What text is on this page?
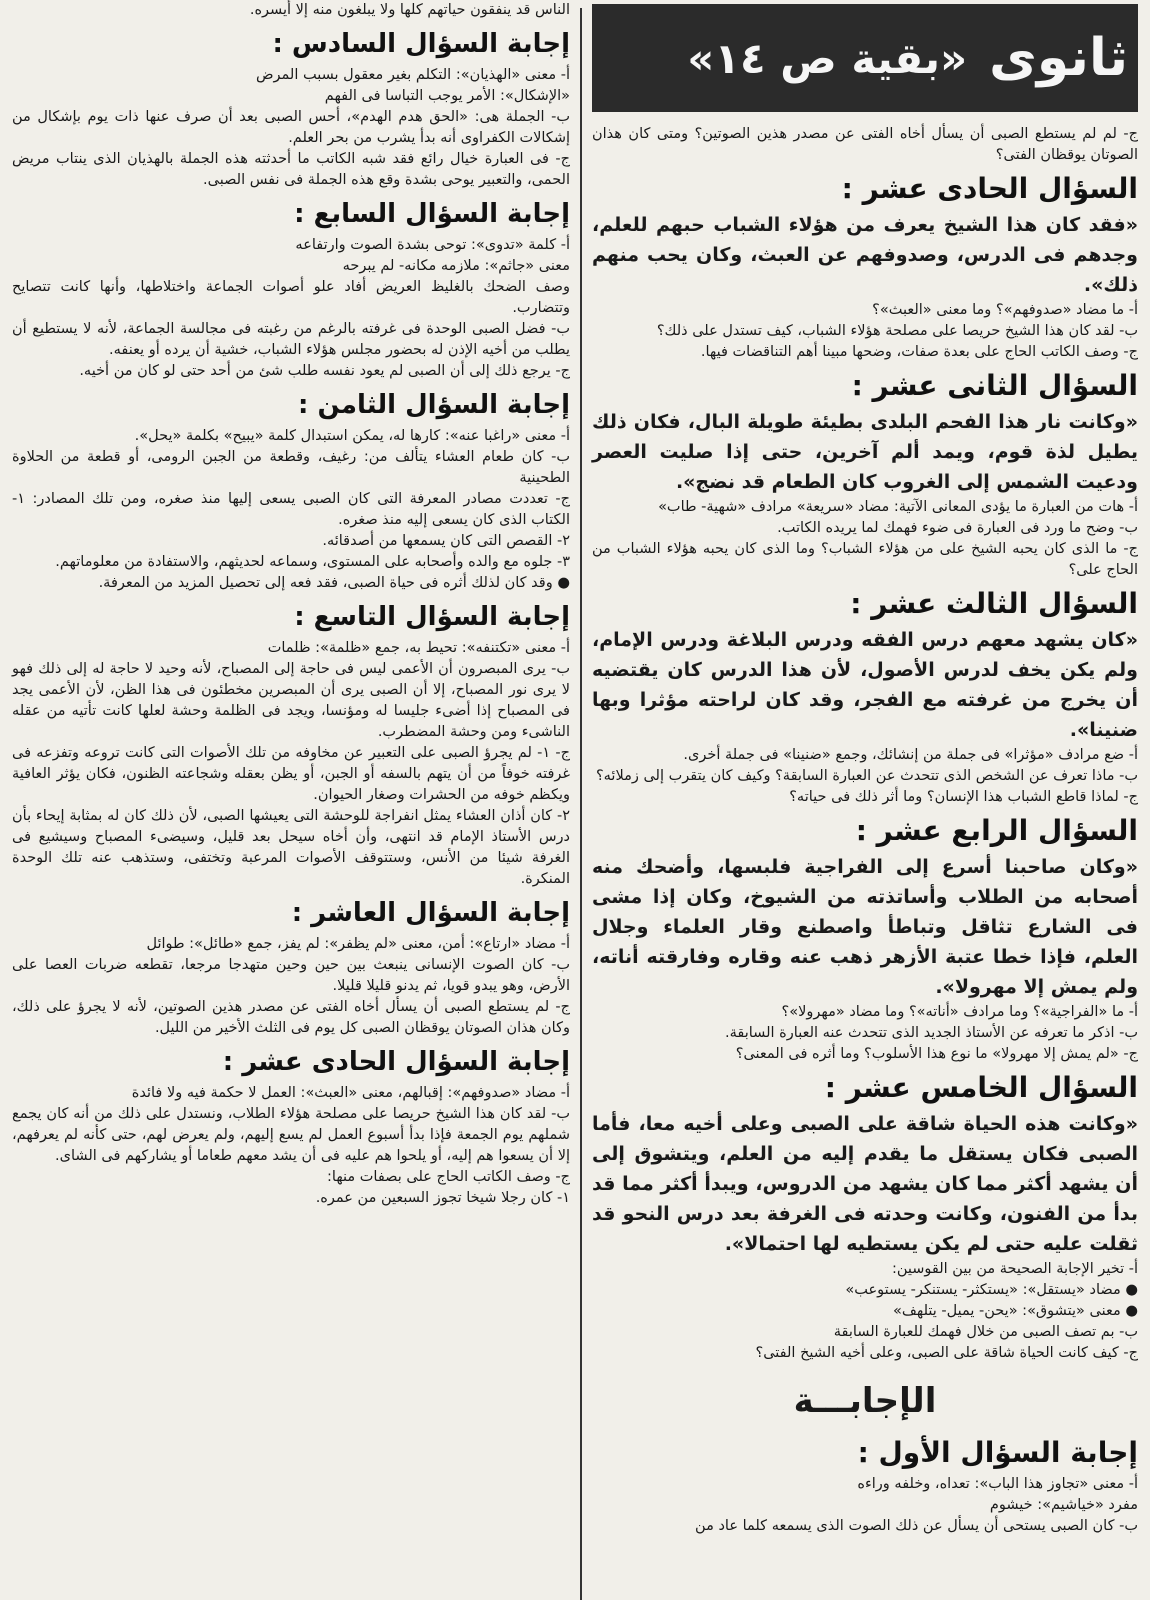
ثانوى
«بقية ص ١٤»

ج- لم لم يستطع الصبى أن يسأل أخاه الفتى عن مصدر هذين الصوتين؟ ومتى كان هذان الصوتان يوقظان الفتى؟

السؤال الحادى عشر :

«فقد كان هذا الشيخ يعرف من هؤلاء الشباب حبهم للعلم، وجدهم فى الدرس، وصدوفهم عن العبث، وكان يحب منهم ذلك».

أ- ما مضاد «صدوفهم»؟ وما معنى «العبث»؟

ب- لقد كان هذا الشيخ حريصا على مصلحة هؤلاء الشباب، كيف تستدل على ذلك؟

ج- وصف الكاتب الحاج على بعدة صفات، وضحها مبينا أهم التناقضات فيها.

السؤال الثانى عشر :

«وكانت نار هذا الفحم البلدى بطيئة طويلة البال، فكان ذلك يطيل لذة قوم، ويمد ألم آخرين، حتى إذا صليت العصر ودعيت الشمس إلى الغروب كان الطعام قد نضج».

أ- هات من العبارة ما يؤدى المعانى الآتية: مضاد «سريعة» مرادف «شهية- طاب»

ب- وضح ما ورد فى العبارة فى ضوء فهمك لما يريده الكاتب.

ج- ما الذى كان يحبه الشيخ على من هؤلاء الشباب؟ وما الذى كان يحبه هؤلاء الشباب من الحاج على؟

السؤال الثالث عشر :

«كان يشهد معهم درس الفقه ودرس البلاغة ودرس الإمام، ولم يكن يخف لدرس الأصول، لأن هذا الدرس كان يقتضيه أن يخرج من غرفته مع الفجر، وقد كان لراحته مؤثرا وبها ضنينا».

أ- ضع مرادف «مؤثرا» فى جملة من إنشائك، وجمع «ضنينا» فى جملة أخرى.

ب- ماذا تعرف عن الشخص الذى تتحدث عن العبارة السابقة؟ وكيف كان يتقرب إلى زملائه؟

ج- لماذا قاطع الشباب هذا الإنسان؟ وما أثر ذلك فى حياته؟

السؤال الرابع عشر :

«وكان صاحبنا أسرع إلى الفراجية فلبسها، وأضحك منه أصحابه من الطلاب وأساتذته من الشيوخ، وكان إذا مشى فى الشارع تثاقل وتباطأ واصطنع وقار العلماء وجلال العلم، فإذا خطا عتبة الأزهر ذهب عنه وقاره وفارقته أناته، ولم يمش إلا مهرولا».

أ- ما «الفراجية»؟ وما مرادف «أناته»؟ وما مضاد «مهرولا»؟

ب- اذكر ما تعرفه عن الأستاذ الجديد الذى تتحدث عنه العبارة السابقة.

ج- «لم يمش إلا مهرولا» ما نوع هذا الأسلوب؟ وما أثره فى المعنى؟

السؤال الخامس عشر :

«وكانت هذه الحياة شاقة على الصبى وعلى أخيه معا، فأما الصبى فكان يستقل ما يقدم إليه من العلم، ويتشوق إلى أن يشهد أكثر مما كان يشهد من الدروس، ويبدأ أكثر مما قد بدأ من الفنون، وكانت وحدته فى الغرفة بعد درس النحو قد ثقلت عليه حتى لم يكن يستطيه لها احتمالا».

أ- تخير الإجابة الصحيحة من بين القوسين:

● مضاد «يستقل»: «يستكثر- يستنكر- يستوعب»

● معنى «يتشوق»: «يحن- يميل- يتلهف»

ب- بم تصف الصبى من خلال فهمك للعبارة السابقة

ج- كيف كانت الحياة شاقة على الصبى، وعلى أخيه الشيخ الفتى؟

الإجابـــة
إجابة السؤال الأول :

أ- معنى «تجاوز هذا الباب»: تعداه، وخلفه وراءه

مفرد «خياشيم»: خيشوم

ب- كان الصبى يستحى أن يسأل عن ذلك الصوت الذى يسمعه كلما عاد من

الناس قد ينفقون حياتهم كلها ولا يبلغون منه إلا أيسره.

إجابة السؤال السادس :

أ- معنى «الهذيان»: التكلم بغير معقول بسبب المرض

«الإشكال»: الأمر يوجب التباسا فى الفهم

ب- الجملة هى: «الحق هدم الهدم»، أحس الصبى بعد أن صرف عنها ذات يوم بإشكال من إشكالات الكفراوى أنه بدأ يشرب من بحر العلم.

ج- فى العبارة خيال رائع فقد شبه الكاتب ما أحدثته هذه الجملة بالهذيان الذى ينتاب مريض الحمى، والتعبير يوحى بشدة وقع هذه الجملة فى نفس الصبى.

إجابة السؤال السابع :

أ- كلمة «تدوى»: توحى بشدة الصوت وارتفاعه

معنى «جاثم»: ملازمه مكانه- لم يبرحه

وصف الضحك بالغليظ العريض أفاد علو أصوات الجماعة واختلاطها، وأنها كانت تتصايح وتتضارب.

ب- فضل الصبى الوحدة فى غرفته بالرغم من رغبته فى مجالسة الجماعة، لأنه لا يستطيع أن يطلب من أخيه الإذن له بحضور مجلس هؤلاء الشباب، خشية أن يرده أو يعنفه.

ج- يرجع ذلك إلى أن الصبى لم يعود نفسه طلب شئ من أحد حتى لو كان من أخيه.

إجابة السؤال الثامن :

أ- معنى «راغبا عنه»: كارها له، يمكن استبدال كلمة «يبيح» بكلمة «يحل».

ب- كان طعام العشاء يتألف من: رغيف، وقطعة من الجبن الرومى، أو قطعة من الحلاوة الطحينية

ج- تعددت مصادر المعرفة التى كان الصبى يسعى إليها منذ صغره، ومن تلك المصادر: ١- الكتاب الذى كان يسعى إليه منذ صغره.

٢- القصص التى كان يسمعها من أصدقائه.

٣- جلوه مع والده وأصحابه على المستوى، وسماعه لحديثهم، والاستفادة من معلوماتهم.

● وقد كان لذلك أثره فى حياة الصبى، فقد فعه إلى تحصيل المزيد من المعرفة.

إجابة السؤال التاسع :

أ- معنى «تكتنفه»: تحيط به، جمع «ظلمة»: ظلمات

ب- يرى المبصرون أن الأعمى ليس فى حاجة إلى المصباح، لأنه وحيد لا حاجة له إلى ذلك فهو لا يرى نور المصباح، إلا أن الصبى يرى أن المبصرين مخطئون فى هذا الظن، لأن الأعمى يجد فى المصباح إذا أضىء جليسا له ومؤنسا، ويجد فى الظلمة وحشة لعلها كانت تأتيه من عقله الناشىء ومن وحشة المضطرب.

ج- ١- لم يجرؤ الصبى على التعبير عن مخاوفه من تلك الأصوات التى كانت تروعه وتفزعه فى غرفته خوفاً من أن يتهم بالسفه أو الجبن، أو يظن بعقله وشجاعته الظنون، فكان يؤثر العافية ويكظم خوفه من الحشرات وصغار الحيوان.

٢- كان أذان العشاء يمثل انفراجة للوحشة التى يعيشها الصبى، لأن ذلك كان له بمثابة إيحاء بأن درس الأستاذ الإمام قد انتهى، وأن أخاه سيحل بعد قليل، وسيضىء المصباح وسيشيع فى الغرفة شيئا من الأنس، وستتوقف الأصوات المرعبة وتختفى، وستذهب عنه تلك الوحدة المنكرة.

إجابة السؤال العاشر :

أ- مضاد «ارتاع»: أمن، معنى «لم يظفر»: لم يفز، جمع «طائل»: طوائل

ب- كان الصوت الإنسانى ينبعث بين حين وحين متهدجا مرجعا، تقطعه ضربات العصا على الأرض، وهو يبدو قويا، ثم يدنو قليلا قليلا.

ج- لم يستطع الصبى أن يسأل أخاه الفتى عن مصدر هذين الصوتين، لأنه لا يجرؤ على ذلك، وكان هذان الصوتان يوقظان الصبى كل يوم فى الثلث الأخير من الليل.

إجابة السؤال الحادى عشر :

أ- مضاد «صدوفهم»: إقبالهم، معنى «العبث»: العمل لا حكمة فيه ولا فائدة

ب- لقد كان هذا الشيخ حريصا على مصلحة هؤلاء الطلاب، ونستدل على ذلك من أنه كان يجمع شملهم يوم الجمعة فإذا بدأ أسبوع العمل لم يسع إليهم، ولم يعرض لهم، حتى كأنه لم يعرفهم، إلا أن يسعوا هم إليه، أو يلحوا هم عليه فى أن يشد معهم طعاما أو يشاركهم فى الشاى.

ج- وصف الكاتب الحاج على بصفات منها:

١- كان رجلا شيخا تجوز السبعين من عمره.
